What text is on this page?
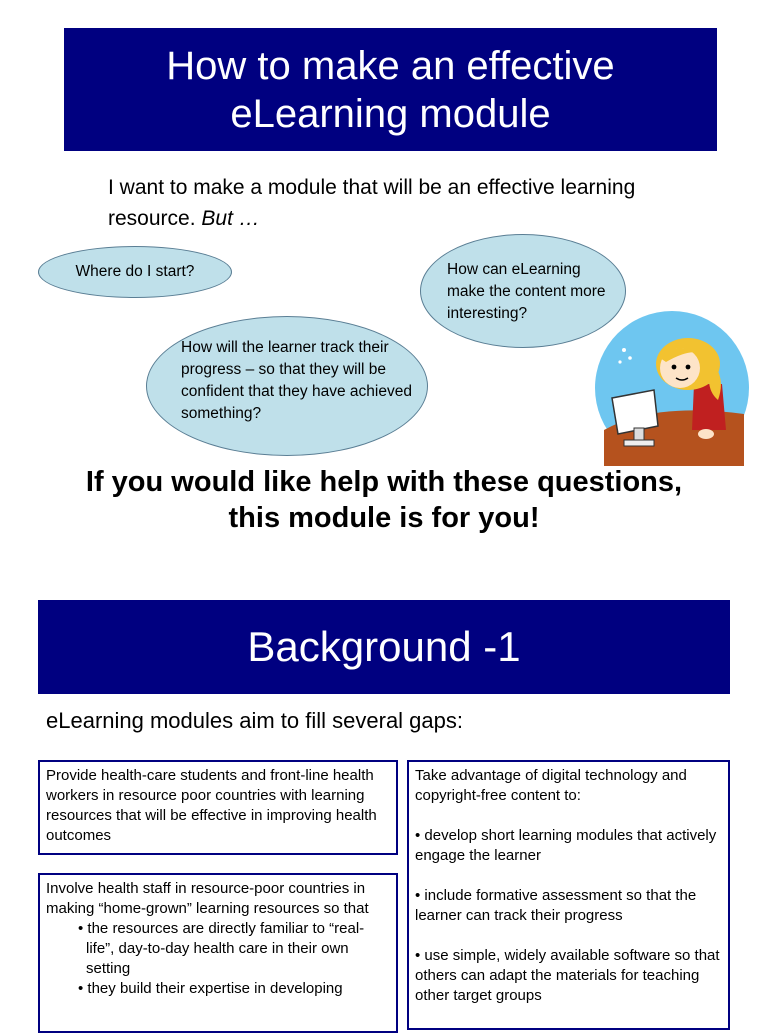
How to make an effective
eLearning module
I want to make a module that will be an effective learning resource. But …
Where do I start?	How can eLearning make the content more interesting?
How will the learner track their progress – so that they will be confident that they have achieved something?
If you would like help with these questions,
this module is for you!
Background -1
eLearning modules aim to fill several gaps:
Provide health-care students and front-line health workers in resource poor countries with learning resources that will be effective in improving health outcomes
Involve health staff in resource-poor countries in making “home-grown” learning resources so that
• the resources are directly familiar to “real-life”, day-to-day health care in their own setting
• they build their expertise in developing
Take advantage of digital technology and copyright-free content to:
• develop short learning modules that actively engage the learner
• include formative assessment so that the learner can track their progress
• use simple, widely available software so that others can adapt the materials for teaching other target groups
